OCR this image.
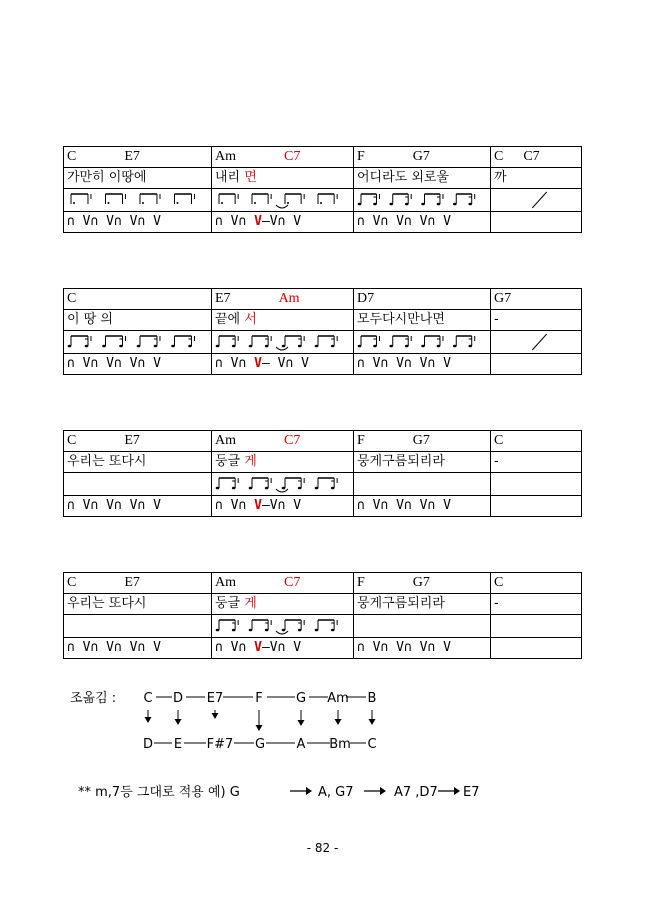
C E7	Am C7	F G7	C C7
가만히 이땅에	내리 면	어디라도 외로울	까

∩ V∩ V∩ V∩ V	∩ V∩ V—V∩ V	∩ V∩ V∩ V∩ V	
C	E7 Am	D7	G7
이 땅 의	끝에 서	모두다시만나면	-

∩ V∩ V∩ V∩ V	∩ V∩ V— V∩ V	∩ V∩ V∩ V∩ V	
C E7	Am C7	F G7	C
우리는 또다시	둥글 게	뭉게구름되리라	-

∩ V∩ V∩ V∩ V	∩ V∩ V—V∩ V	∩ V∩ V∩ V∩ V	
C E7	Am C7	F G7	C
우리는 또다시	둥글 게	뭉게구름되리라	-

∩ V∩ V∩ V∩ V	∩ V∩ V—V∩ V	∩ V∩ V∩ V∩ V	
조옮김 : C D E7 F	G Am B
D E F#7 G A Bm C
** m,7등 그대로 적용 예) G	A, G7	A7 ,D7 E7
- 82 -
